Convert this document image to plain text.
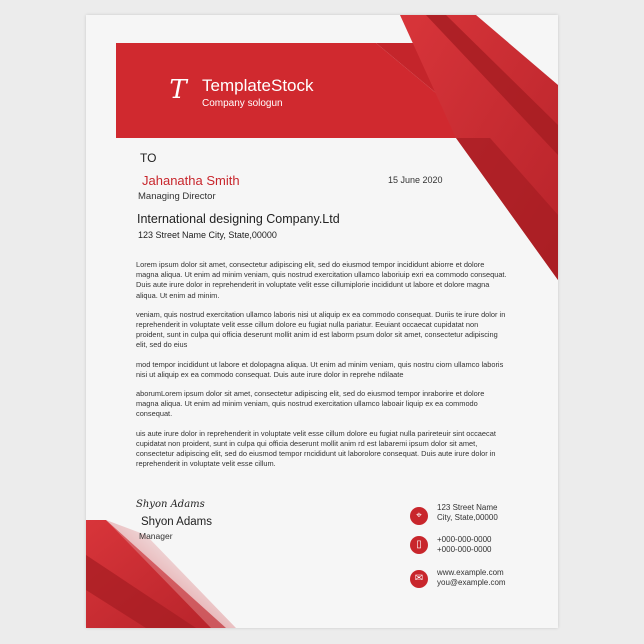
T TemplateStock
Company sologun
TO
Jahanatha Smith	15 June 2020
Managing Director
International designing Company.Ltd
123 Street Name City, State,00000

Lorem ipsum dolor sit amet, consectetur adipiscing elit, sed do eiusmod tempor incididunt abiorre et dolore magna aliqua. Ut enim ad minim veniam, quis nostrud exercitation ullamco laboriuip exri ea commodo consequat. Duis aute irure dolor in reprehenderit in voluptate velit esse cillumiplorie incididunt ut labore et dolore magna aliqua. Ut enim ad minim.

veniam, quis nostrud exercitation ullamco laboris nisi ut aliquip ex ea commodo consequat. Duriis te irure dolor in reprehenderit in voluptate velit esse cillum dolore eu fugiat nulla pariatur. Eeuiant occaecat cupidatat non proident, sunt in culpa qui officia deserunt mollit anim id est laborm psum dolor sit amet, consectetur adipiscing elit, sed do eius

mod tempor incididunt ut labore et dolopagna aliqua. Ut enim ad minim veniam, quis nostru ciorn ullamco laboris nisi ut aliquip ex ea commodo consequat. Duis aute irure dolor in reprehe ndilaate

aborumLorem ipsum dolor sit amet, consectetur adipiscing elit, sed do eiusmod tempor inraborire et dolore magna aliqua. Ut enim ad minim veniam, quis nostrud exercitation ullamco laboair liquip ex ea commodo consequat.

uis aute irure dolor in reprehenderit in voluptate velit esse cillum dolore eu fugiat nulla parireteuir sint occaecat cupidatat non proident, sunt in culpa qui officia deserunt mollit anim rd est labaremi ipsum dolor sit amet, consectetur adipiscing elit, sed do eiusmod tempor rncididunt uit laborolore consequat. Duis aute irure dolor in reprehenderit in voluptate velit esse cillum.

Shyon Adams
Shyon Adams
Manager
⌖
123 Street Name
City, State,00000
▯	+000-000-0000
+000-000-0000
✉
www.example.com
you@example.com
